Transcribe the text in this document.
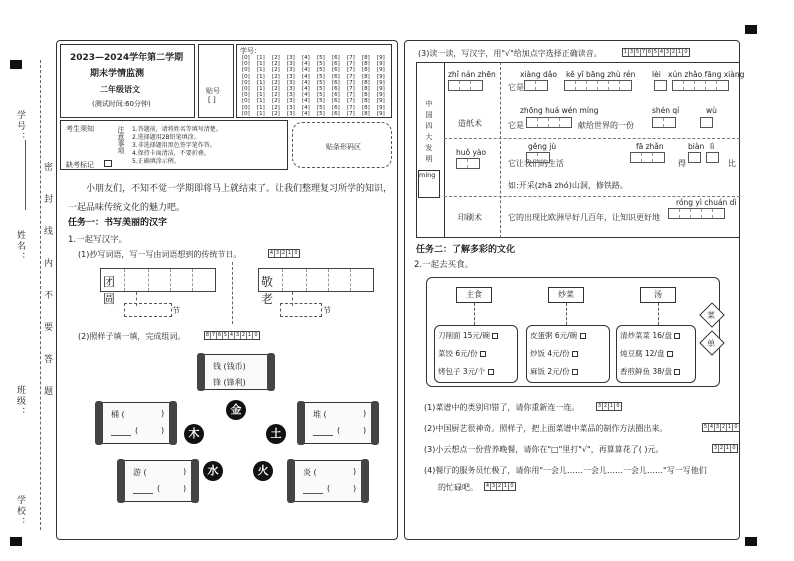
学号：
姓名：
班级：
学校：
密
封
线
内
不
要
答
题
2023—2024学年第二学期
期末学情监测
二年级语文
(测试时间:60分钟)
贴号
[ ]
学号：
[0]	[1]	[2]	[3]	[4]	[5]	[6]	[7]	[8]	[9]
[0]	[1]	[2]	[3]	[4]	[5]	[6]	[7]	[8]	[9]
[0]	[1]	[2]	[3]	[4]	[5]	[6]	[7]	[8]	[9]
[0]	[1]	[2]	[3]	[4]	[5]	[6]	[7]	[8]	[9]
[0]	[1]	[2]	[3]	[4]	[5]	[6]	[7]	[8]	[9]
[0]	[1]	[2]	[3]	[4]	[5]	[6]	[7]	[8]	[9]
[0]	[1]	[2]	[3]	[4]	[5]	[6]	[7]	[8]	[9]
[0]	[1]	[2]	[3]	[4]	[5]	[6]	[7]	[8]	[9]
[0]	[1]	[2]	[3]	[4]	[5]	[6]	[7]	[8]	[9]
[0]	[1]	[2]	[3]	[4]	[5]	[6]	[7]	[8]	[9]
考生须知	注意事项 1.答题前，请将姓名等填写清楚。
2.选择题用2B铅笔填涂。
3.非选择题用黑色签字笔作答。
4.保持卡面清洁，不要折叠。
5.正确填涂示例。
缺考标记
贴条形码区
小朋友们，不知不觉一学期即将马上就结束了。让我们整理复习所学的知识，一起品味传统文化的魅力吧。
任务一：书写美丽的汉字
1.一起写汉字。
(1)抄写词语，写一写由词语想到的传统节日。	4 3 2 1 0
团圆
敬老
节	节
(2)照样子填一填，完成组词。	8 7 6 5 4 3 2 1 0
钱 (钱币)
锋 (锋利)
金
木	土
水	火
桶 (	)
(	)
堆 (	)
(	)
游 (	)
(	)
炎 (	)
(	)
(3)读一读，写汉字，用"√"给加点字选择正确读音。	1 3 5 7 6 5 4 3 2 1 0
中国四大发明
míng
zhǐ nán zhēn	xiàng dǎo kě yǐ bāng zhù rén lèi xún zhǎo fāng xiàng
它是
造纸术
zhōng huá wén míng	shén qí	wù
它是	献给世界的一份
huǒ yào
gěng jù	fā zhǎn	biàn lì
它让我们的生活	得	比
如:开采(zhā zhó)山洞，修铁路。
印刷术
róng yì chuán dì
它的出现比欧洲早好几百年，让知识更好地
任务二：了解多彩的文化
2.一起去买食。
主食	炒菜	汤
刀削面 15元/碗
菜饺 6元/份
烤包子 3元/个
皮蛋粥 6元/碗
炒饭 4元/份
麻饭 2元/份
清炒菜菜 16/盘
炖豆腐 12/盘
香煎鲜鱼 38/盘
菜
单
(1)菜谱中的类别印错了，请你重新连一连。	3 2 1 0
(2)中国厨艺很神奇。照样子，把上面菜谱中菜品的制作方法圈出来。	5 4 3 2 1 0
(3)小云想点一份营养晚餐，请你在"□"里打"√"，再算算花了( )元。	3 2 1 0
(4)餐厅的服务员忙极了，请你用"一会儿……一会儿……一会儿……"写一写他们
的忙碌吧。 4 3 2 1 0
